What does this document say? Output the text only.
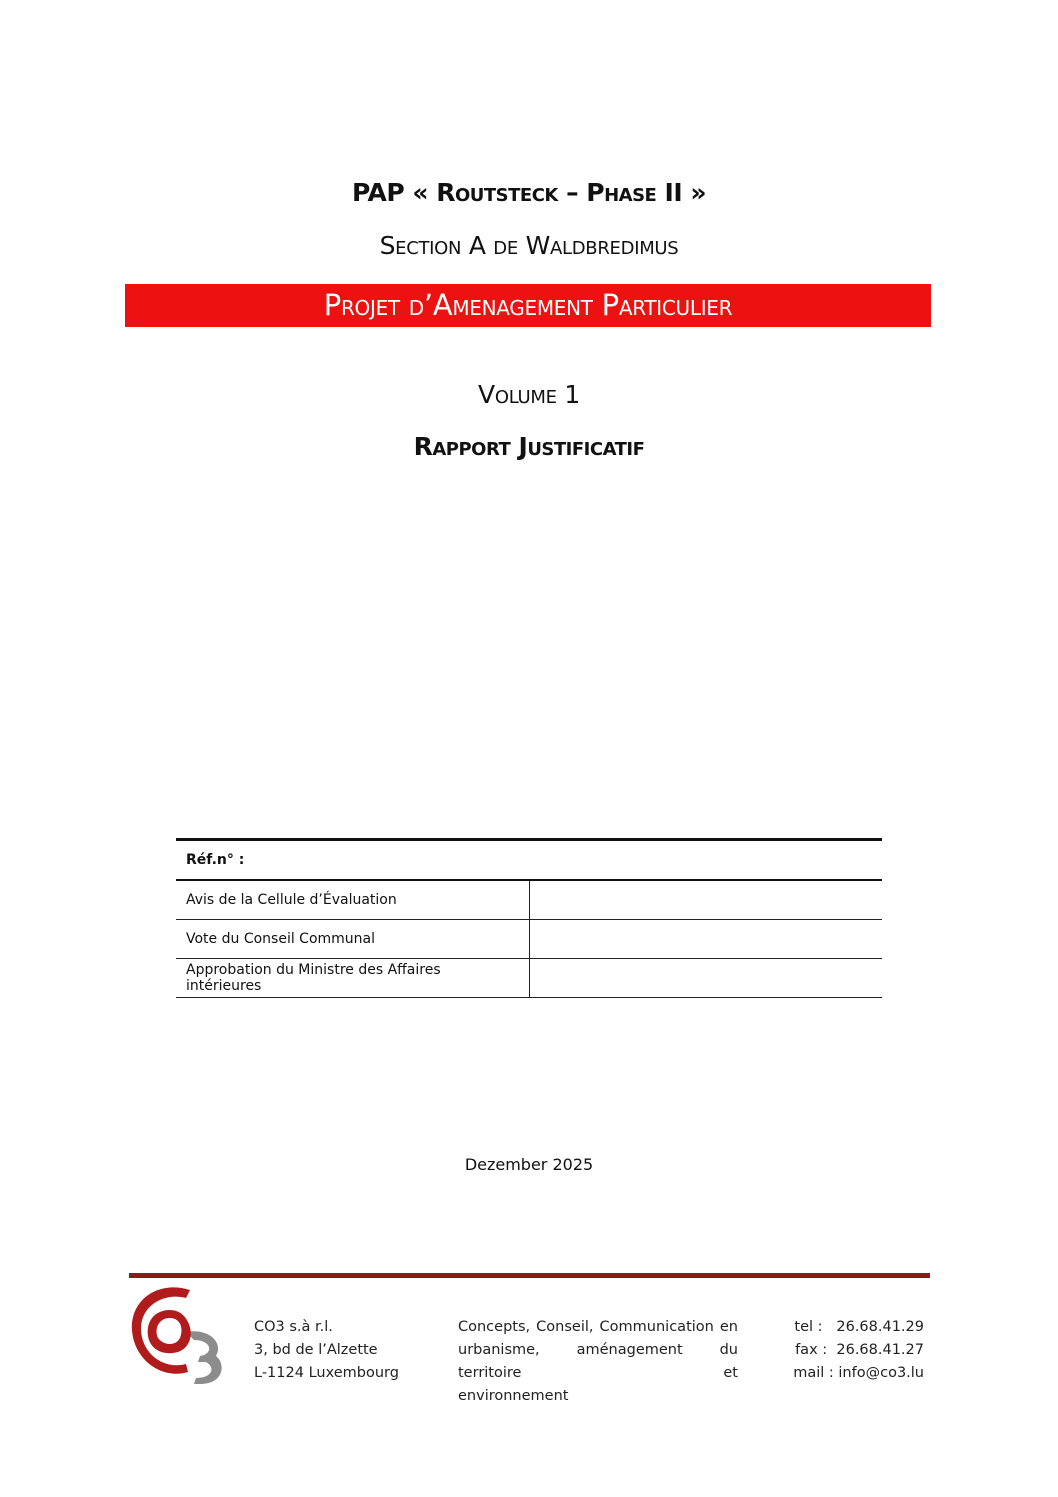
PAP « Routsteck – Phase II »
Section A de Waldbredimus
Projet d’Amenagement Particulier
Volume 1
Rapport Justificatif
Réf.n° :	
Avis de la Cellule d’Évaluation	
Vote du Conseil Communal	
Approbation du Ministre des Affaires intérieures	
Dezember 2025
CO3 s.à r.l.
3, bd de l’Alzette
L-1124 Luxembourg
Concepts, Conseil, Communication en
urbanisme, aménagement du territoire et
environnement
tel :   26.68.41.29
fax :  26.68.41.27
mail : info@co3.lu
